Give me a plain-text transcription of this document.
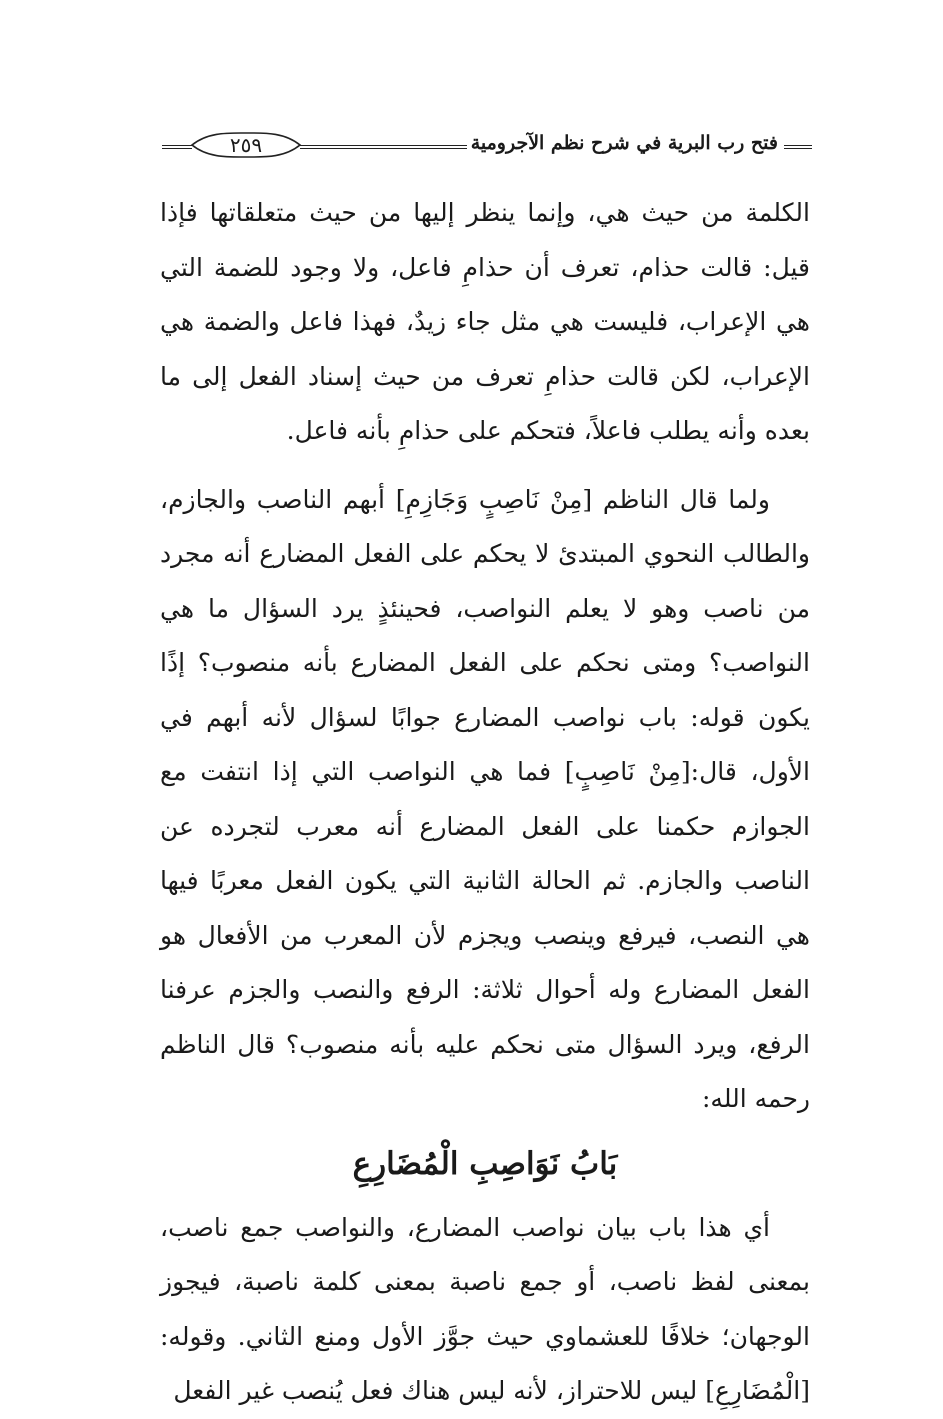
فتح رب البرية في شرح نظم الآجرومية
٢٥٩

الكلمة من حيث هي، وإنما ينظر إليها من حيث متعلقاتها فإذا قيل: قالت حذام، تعرف أن حذامِ فاعل، ولا وجود للضمة التي هي الإعراب، فليست هي مثل جاء زيدٌ، فهذا فاعل والضمة هي الإعراب، لكن قالت حذامِ تعرف من حيث إسناد الفعل إلى ما بعده وأنه يطلب فاعلاً، فتحكم على حذامِ بأنه فاعل.

ولما قال الناظم [مِنْ نَاصِبٍ وَجَازِمِ] أبهم الناصب والجازم، والطالب النحوي المبتدئ لا يحكم على الفعل المضارع أنه مجرد من ناصب وهو لا يعلم النواصب، فحينئذٍ يرد السؤال ما هي النواصب؟ ومتى نحكم على الفعل المضارع بأنه منصوب؟ إذًا يكون قوله: باب نواصب المضارع جوابًا لسؤال لأنه أبهم في الأول، قال:[مِنْ نَاصِبٍ] فما هي النواصب التي إذا انتفت مع الجوازم حكمنا على الفعل المضارع أنه معرب لتجرده عن الناصب والجازم. ثم الحالة الثانية التي يكون الفعل معربًا فيها هي النصب، فيرفع وينصب ويجزم لأن المعرب من الأفعال هو الفعل المضارع وله أحوال ثلاثة: الرفع والنصب والجزم عرفنا الرفع، ويرد السؤال متى نحكم عليه بأنه منصوب؟ قال الناظم رحمه الله:

بَابُ نَوَاصِبِ الْمُضَارِعِ

أي هذا باب بيان نواصب المضارع، والنواصب جمع ناصب، بمعنى لفظ ناصب، أو جمع ناصبة بمعنى كلمة ناصبة، فيجوز الوجهان؛ خلافًا للعشماوي حيث جوَّز الأول ومنع الثاني. وقوله: [الْمُضَارِعِ] ليس للاحتراز، لأنه ليس هناك فعل يُنصب غير الفعل
